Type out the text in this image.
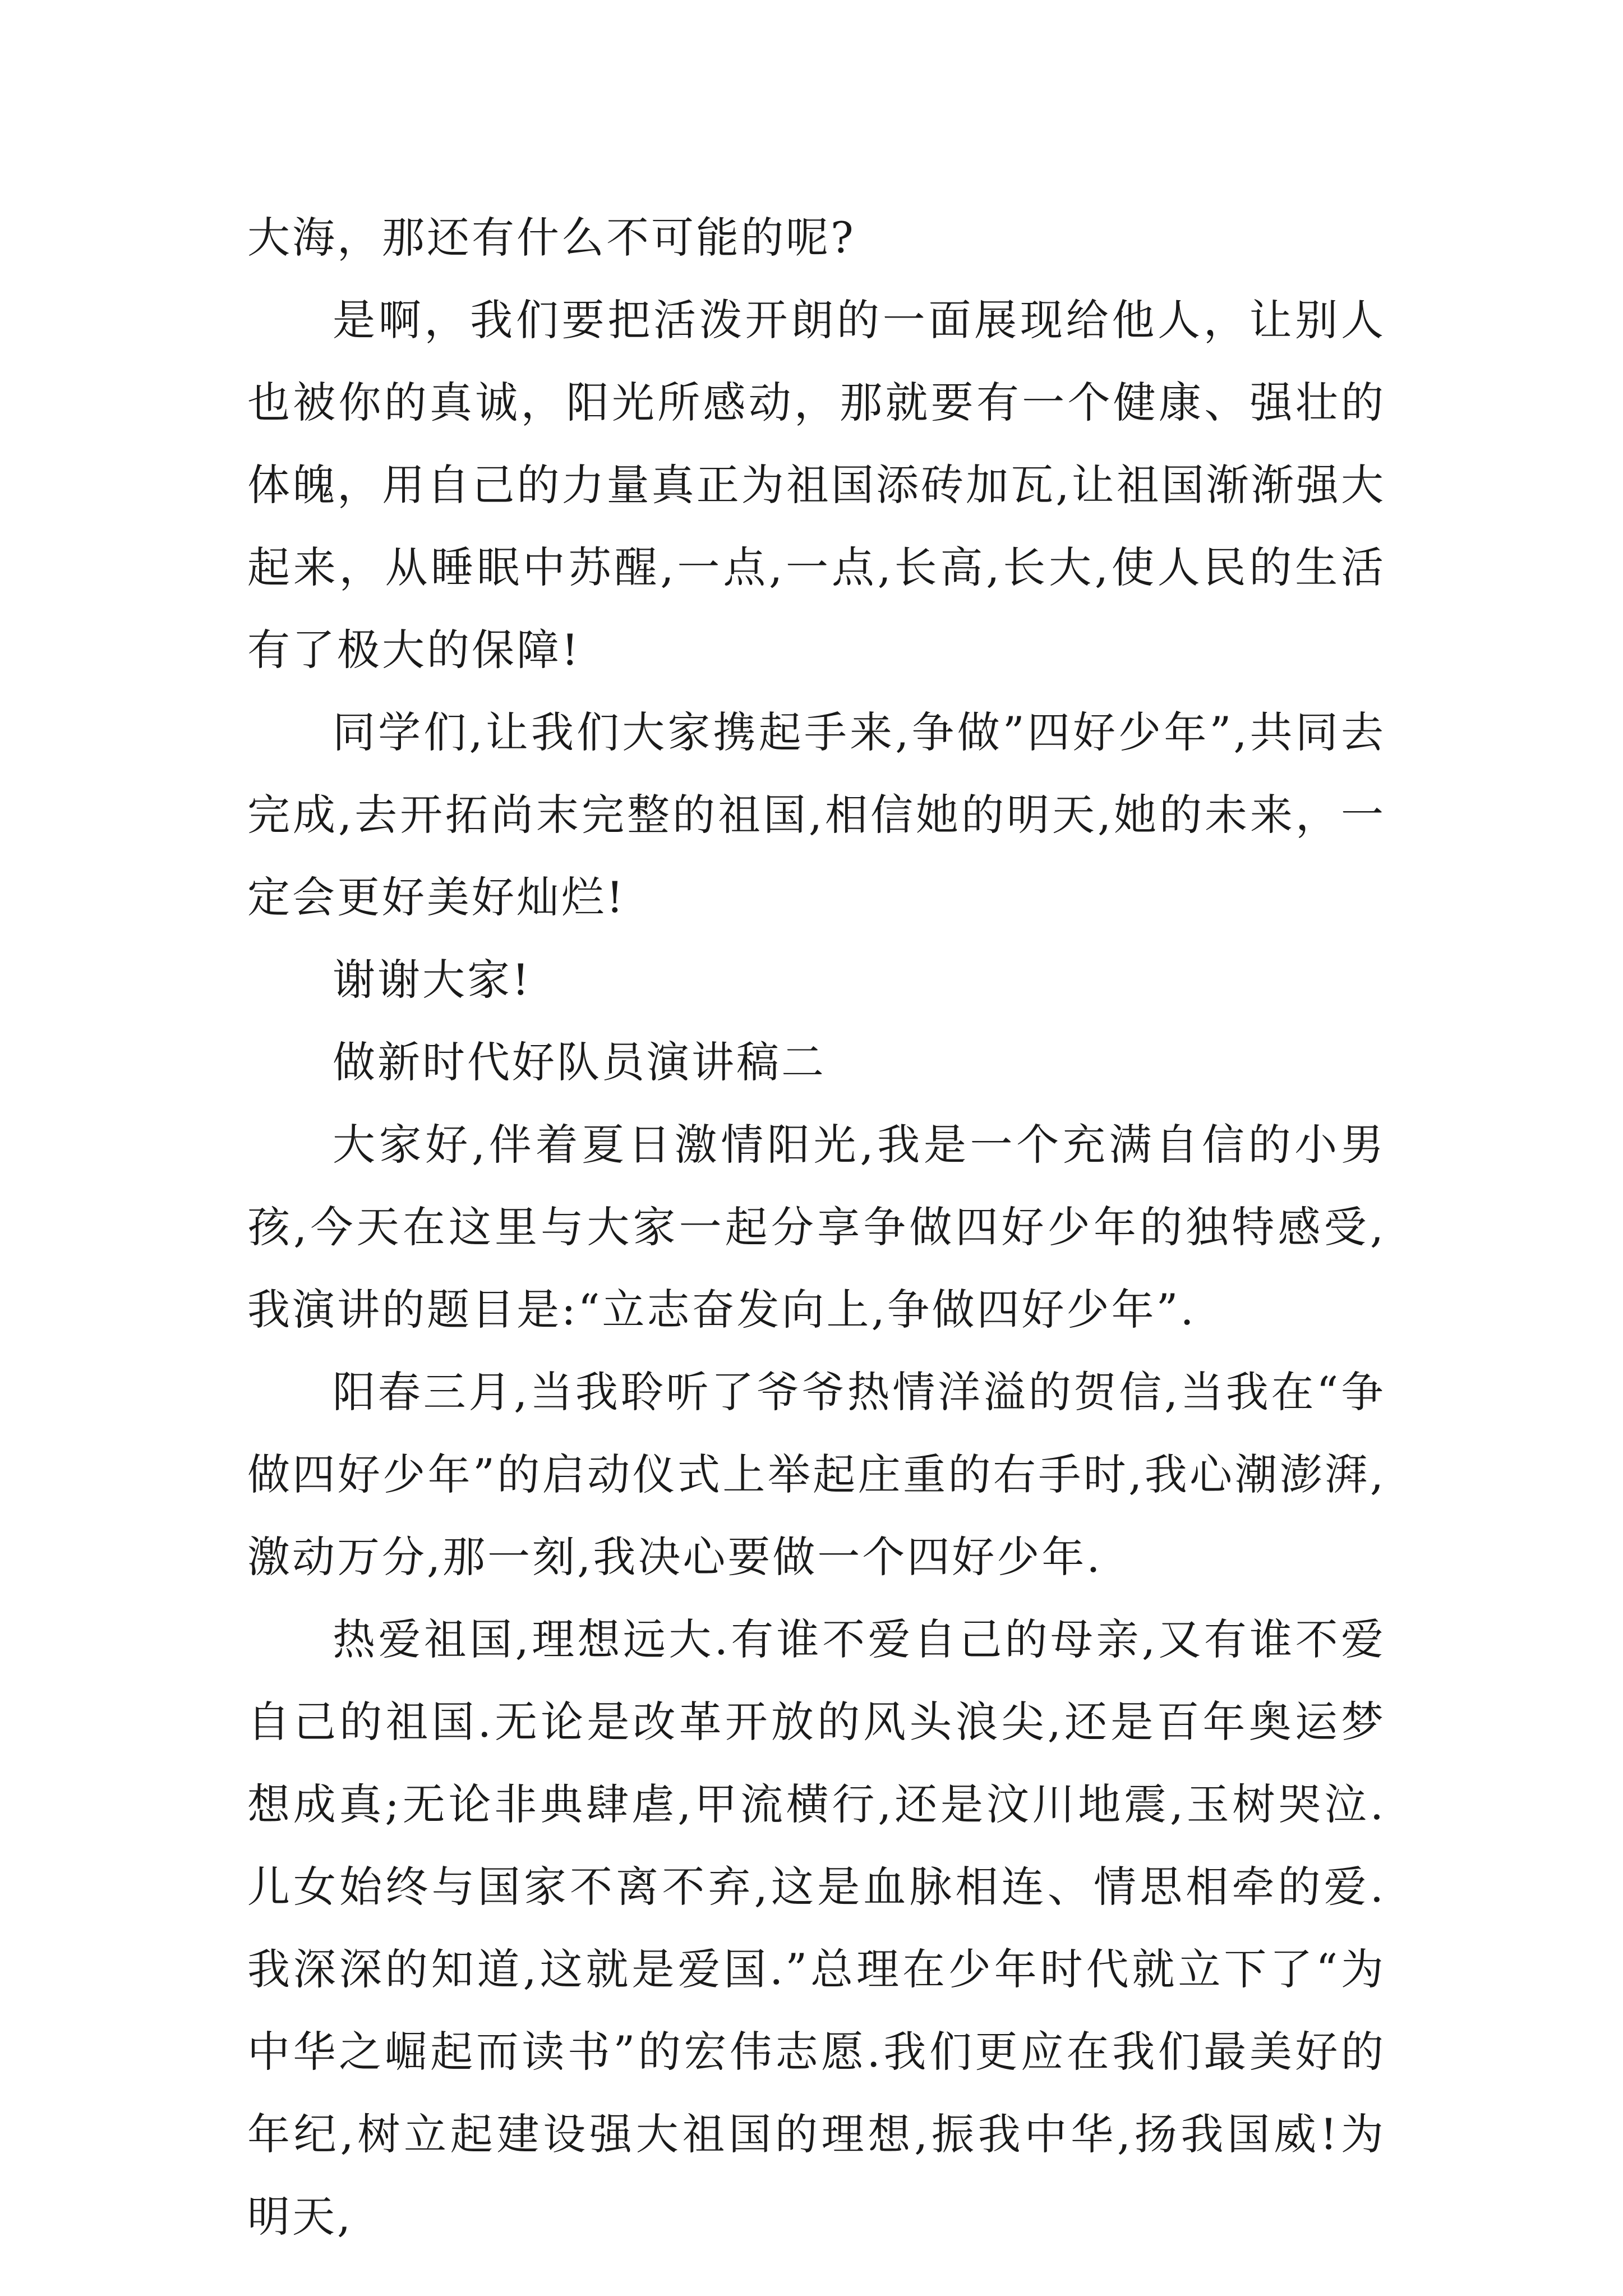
大海，那还有什么不可能的呢?

是啊，我们要把活泼开朗的一面展现给他人，让别人也被你的真诚，阳光所感动，那就要有一个健康、强壮的体魄，用自己的力量真正为祖国添砖加瓦,让祖国渐渐强大起来，从睡眠中苏醒,一点,一点,长高,长大,使人民的生活有了极大的保障!

同学们,让我们大家携起手来,争做”四好少年”,共同去完成,去开拓尚末完整的祖国,相信她的明天,她的未来，一定会更好美好灿烂!

谢谢大家!

做新时代好队员演讲稿二

大家好,伴着夏日激情阳光,我是一个充满自信的小男孩,今天在这里与大家一起分享争做四好少年的独特感受,我演讲的题目是:“立志奋发向上,争做四好少年”.

阳春三月,当我聆听了爷爷热情洋溢的贺信,当我在“争做四好少年”的启动仪式上举起庄重的右手时,我心潮澎湃,激动万分,那一刻,我决心要做一个四好少年.

热爱祖国,理想远大.有谁不爱自己的母亲,又有谁不爱自己的祖国.无论是改革开放的风头浪尖,还是百年奥运梦想成真;无论非典肆虐,甲流横行,还是汶川地震,玉树哭泣.儿女始终与国家不离不弃,这是血脉相连、情思相牵的爱.我深深的知道,这就是爱国.”总理在少年时代就立下了“为中华之崛起而读书”的宏伟志愿.我们更应在我们最美好的年纪,树立起建设强大祖国的理想,振我中华,扬我国威!为明天,
